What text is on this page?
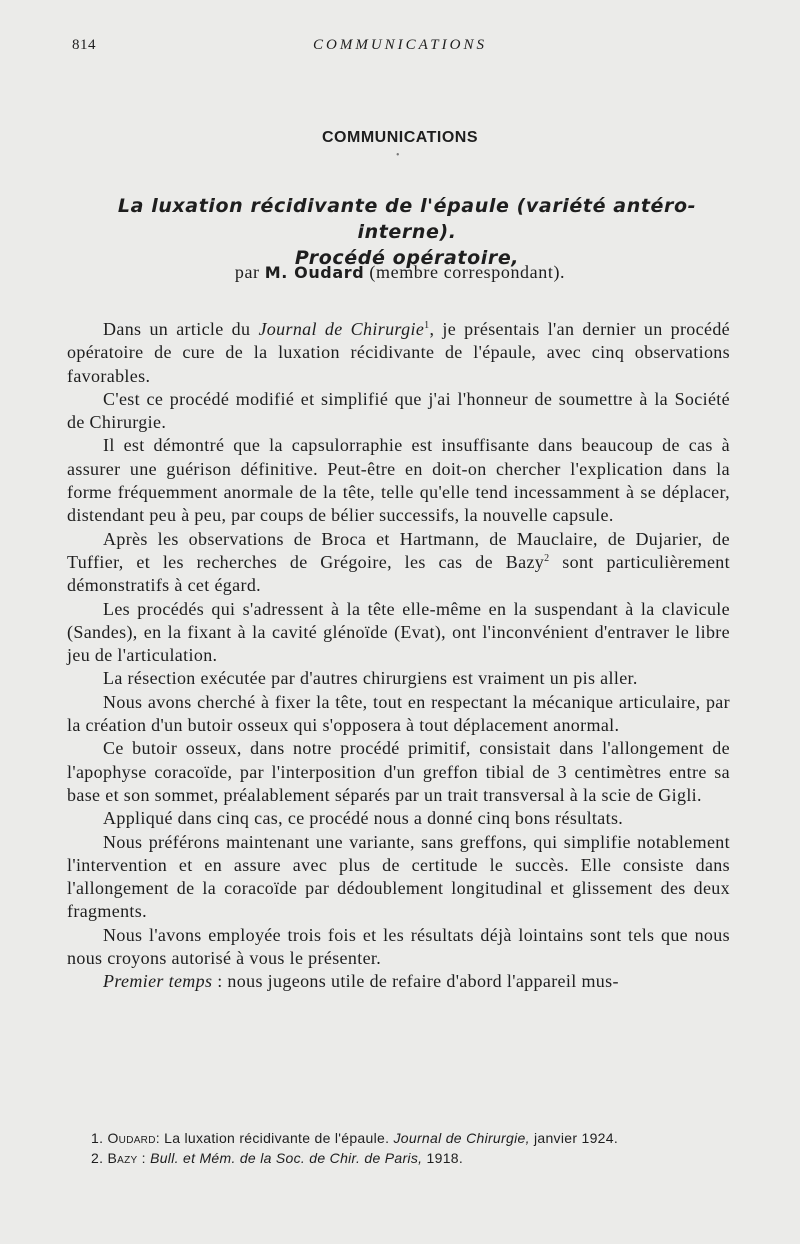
814	COMMUNICATIONS
COMMUNICATIONS
•
La luxation récidivante de l'épaule (variété antéro-interne).
Procédé opératoire,
par M. Oudard (membre correspondant).

Dans un article du Journal de Chirurgie$^1$, je présentais l'an dernier un procédé opératoire de cure de la luxation récidivante de l'épaule, avec cinq observations favorables.

C'est ce procédé modifié et simplifié que j'ai l'honneur de soumettre à la Société de Chirurgie.

Il est démontré que la capsulorraphie est insuffisante dans beaucoup de cas à assurer une guérison définitive. Peut-être en doit-on chercher l'explication dans la forme fréquemment anormale de la tête, telle qu'elle tend incessamment à se déplacer, distendant peu à peu, par coups de bélier successifs, la nouvelle capsule.

Après les observations de Broca et Hartmann, de Mauclaire, de Dujarier, de Tuffier, et les recherches de Grégoire, les cas de Bazy$^2$ sont particulièrement démonstratifs à cet égard.

Les procédés qui s'adressent à la tête elle-même en la suspendant à la clavicule (Sandes), en la fixant à la cavité glénoïde (Evat), ont l'inconvénient d'entraver le libre jeu de l'articulation.

La résection exécutée par d'autres chirurgiens est vraiment un pis aller.

Nous avons cherché à fixer la tête, tout en respectant la mécanique articulaire, par la création d'un butoir osseux qui s'opposera à tout déplacement anormal.

Ce butoir osseux, dans notre procédé primitif, consistait dans l'allongement de l'apophyse coracoïde, par l'interposition d'un greffon tibial de 3 centimètres entre sa base et son sommet, préalablement séparés par un trait transversal à la scie de Gigli.

Appliqué dans cinq cas, ce procédé nous a donné cinq bons résultats.

Nous préférons maintenant une variante, sans greffons, qui simplifie notablement l'intervention et en assure avec plus de certitude le succès. Elle consiste dans l'allongement de la coracoïde par dédoublement longitudinal et glissement des deux fragments.

Nous l'avons employée trois fois et les résultats déjà lointains sont tels que nous nous croyons autorisé à vous le présenter.

Premier temps : nous jugeons utile de refaire d'abord l'appareil mus-

1. Oudard: La luxation récidivante de l'épaule. Journal de Chirurgie, janvier 1924.
2. Bazy : Bull. et Mém. de la Soc. de Chir. de Paris, 1918.
